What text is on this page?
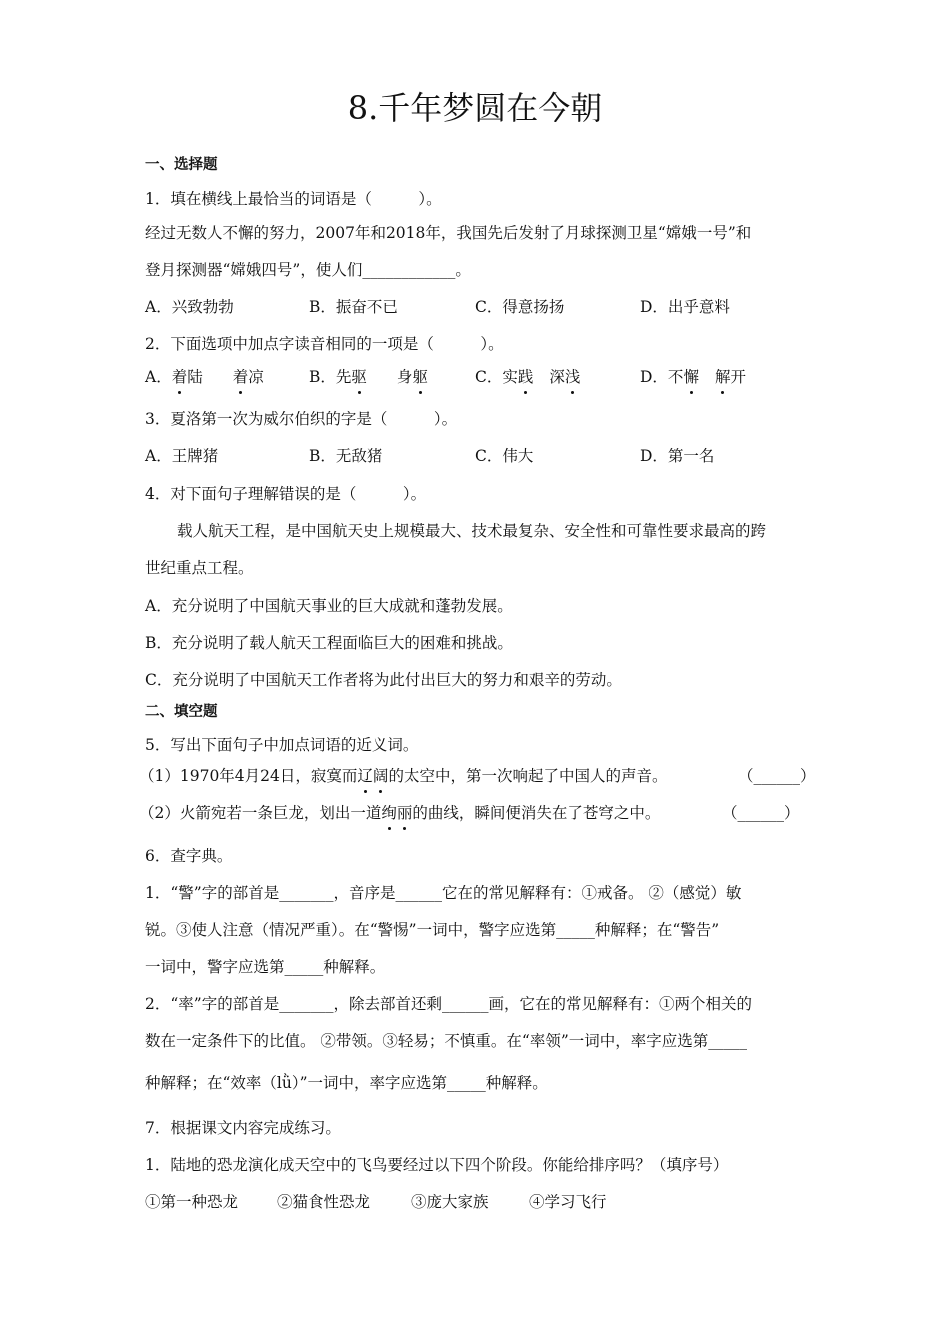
8.千年梦圆在今朝
一、选择题
1．填在横线上最恰当的词语是（　　　）。
经过无数人不懈的努力，2007年和2018年，我国先后发射了月球探测卫星“嫦娥一号”和
登月探测器“嫦娥四号”，使人们____________。
A．兴致勃勃	B．振奋不已	C．得意扬扬	D．出乎意料
2．下面选项中加点字读音相同的一项是（　　　）。
A．着陆 着凉	B．先驱 身躯	C．实践 深浅	D．不懈 解开
3．夏洛第一次为威尔伯织的字是（　　　）。
A．王牌猪	B．无敌猪	C．伟大	D．第一名
4．对下面句子理解错误的是（　　　）。
载人航天工程，是中国航天史上规模最大、技术最复杂、安全性和可靠性要求最高的跨
世纪重点工程。
A．充分说明了中国航天事业的巨大成就和蓬勃发展。
B．充分说明了载人航天工程面临巨大的困难和挑战。
C．充分说明了中国航天工作者将为此付出巨大的努力和艰辛的劳动。
二、填空题
5．写出下面句子中加点词语的近义词。
（1）1970年4月24日，寂寞而辽阔的太空中，第一次响起了中国人的声音。	（______）
（2）火箭宛若一条巨龙，划出一道绚丽的曲线，瞬间便消失在了苍穹之中。	（______）
6．查字典。
1．“警”字的部首是_______，音序是______它在的常见解释有：①戒备。 ②（感觉）敏
锐。③使人注意（情况严重）。在“警惕”一词中，警字应选第_____种解释；在“警告”
一词中，警字应选第_____种解释。
2．“率”字的部首是_______，除去部首还剩______画，它在的常见解释有：①两个相关的
数在一定条件下的比值。 ②带领。③轻易；不慎重。在“率领”一词中，率字应选第_____
种解释；在“效率（lǜ）”一词中，率字应选第_____种解释。
7．根据课文内容完成练习。
1．陆地的恐龙演化成天空中的飞鸟要经过以下四个阶段。你能给排序吗？（填序号）
①第一种恐龙	②猫食性恐龙	③庞大家族	④学习飞行
